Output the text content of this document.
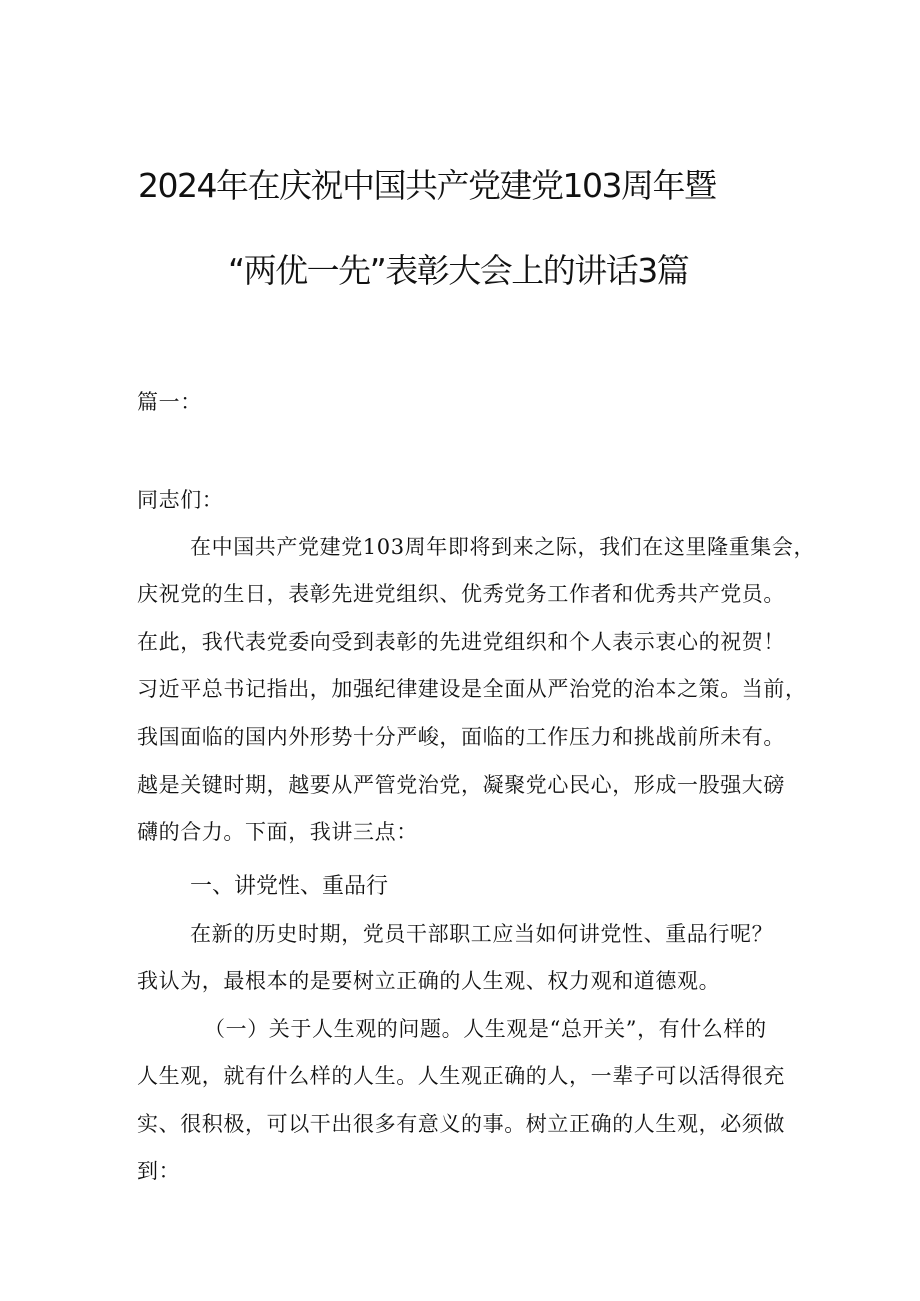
2024年在庆祝中国共产党建党103周年暨
“两优一先”表彰大会上的讲话3篇
篇一：
同志们：
在中国共产党建党103周年即将到来之际，我们在这里隆重集会，
庆祝党的生日，表彰先进党组织、优秀党务工作者和优秀共产党员。
在此，我代表党委向受到表彰的先进党组织和个人表示衷心的祝贺！
习近平总书记指出，加强纪律建设是全面从严治党的治本之策。当前，
我国面临的国内外形势十分严峻，面临的工作压力和挑战前所未有。
越是关键时期，越要从严管党治党，凝聚党心民心，形成一股强大磅
礴的合力。下面，我讲三点：
一、讲党性、重品行
在新的历史时期，党员干部职工应当如何讲党性、重品行呢？
我认为，最根本的是要树立正确的人生观、权力观和道德观。
（一）关于人生观的问题。人生观是“总开关”，有什么样的
人生观，就有什么样的人生。人生观正确的人，一辈子可以活得很充
实、很积极，可以干出很多有意义的事。树立正确的人生观，必须做
到：
